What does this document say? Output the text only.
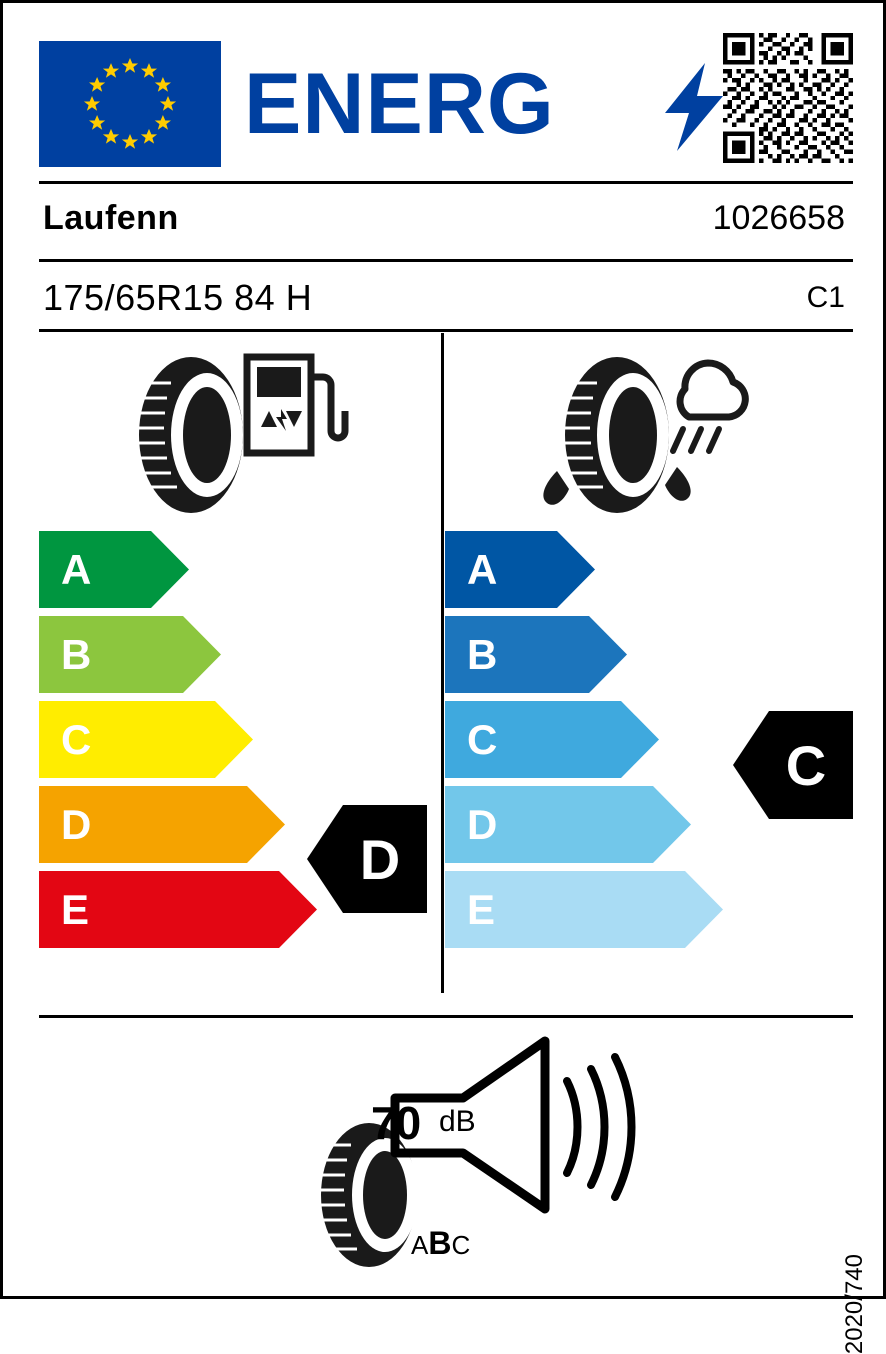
ENERG
Laufenn	1026658
175/65R15 84 H	C1
A
B
C
D
E
D
A
B
C
D
E
C
70 dB
ABC
2020/740
